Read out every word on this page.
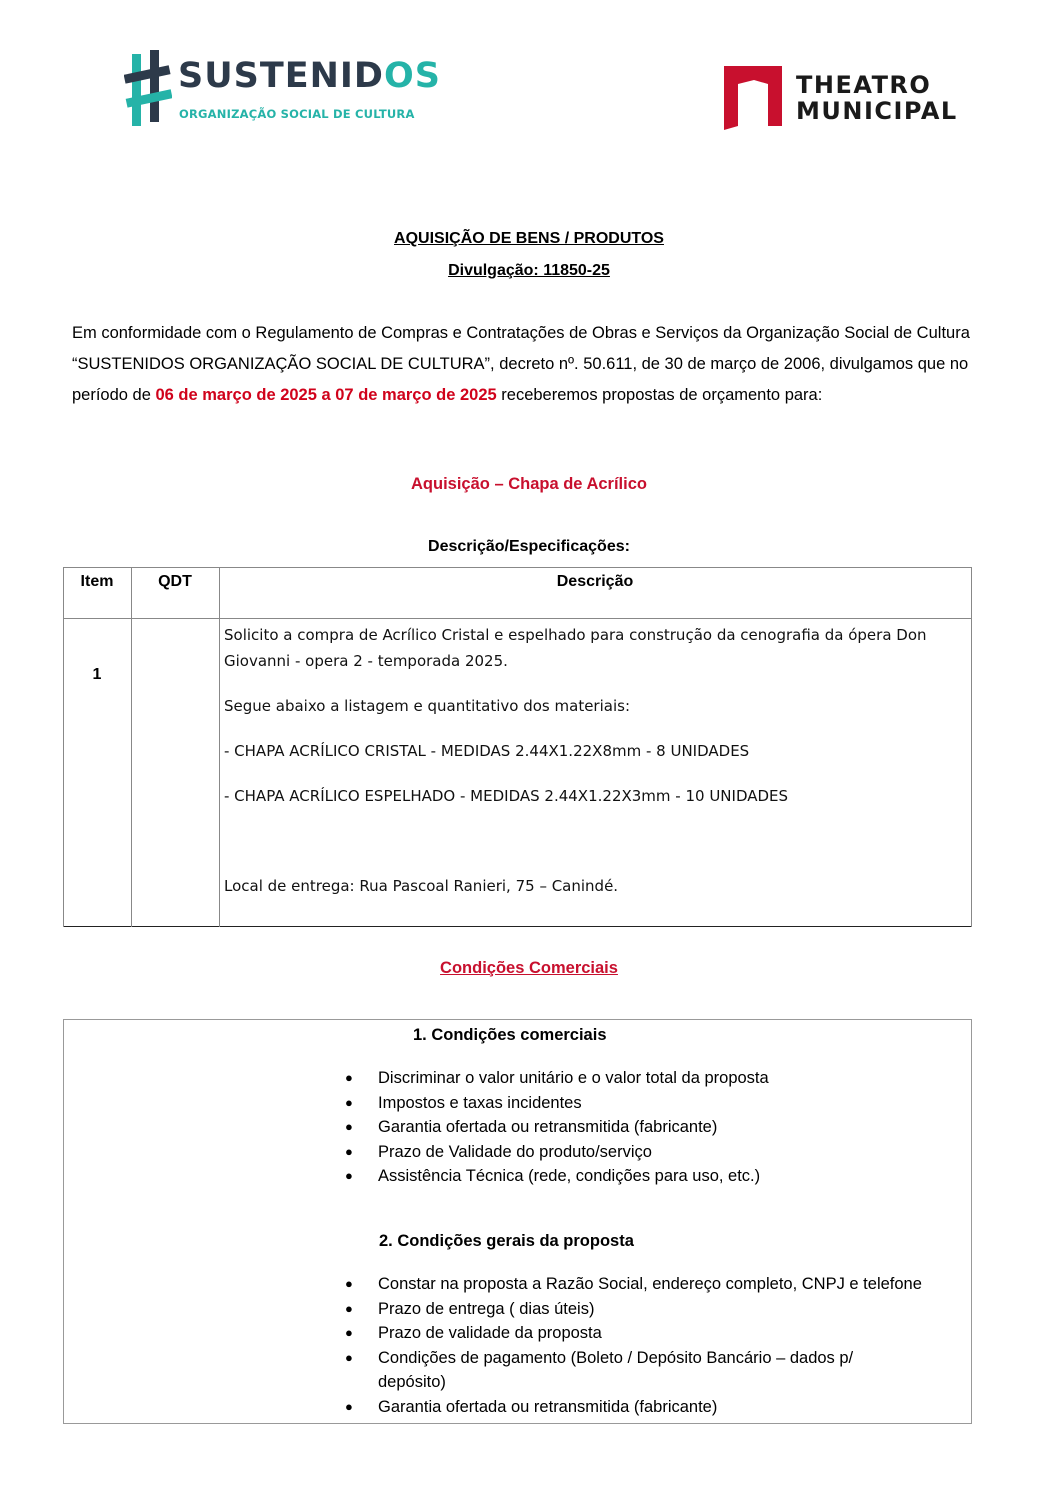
SUSTENIDOS
ORGANIZAÇÃO SOCIAL DE CULTURA
THEATRO
MUNICIPAL
AQUISIÇÃO DE BENS / PRODUTOS
Divulgação: 11850-25
Em conformidade com o Regulamento de Compras e Contratações de Obras e Serviços da Organização Social de Cultura “SUSTENIDOS ORGANIZAÇÃO SOCIAL DE CULTURA”, decreto nº. 50.611, de 30 de março de 2006, divulgamos que no período de 06 de março de 2025 a 07 de março de 2025 receberemos propostas de orçamento para:
Aquisição – Chapa de Acrílico
Descrição/Especificações:
Item	QDT	Descrição
1

Solicito a compra de Acrílico Cristal e espelhado para construção da cenografia da ópera Don Giovanni - opera 2 - temporada 2025.

Segue abaixo a listagem e quantitativo dos materiais:

- CHAPA ACRÍLICO CRISTAL - MEDIDAS 2.44X1.22X8mm - 8 UNIDADES

- CHAPA ACRÍLICO ESPELHADO - MEDIDAS 2.44X1.22X3mm - 10 UNIDADES

Local de entrega: Rua Pascoal Ranieri, 75 – Canindé.

Condições Comerciais
1. Condições comerciais
● Discriminar o valor unitário e o valor total da proposta
● Impostos e taxas incidentes
● Garantia ofertada ou retransmitida (fabricante)
● Prazo de Validade do produto/serviço
● Assistência Técnica (rede, condições para uso, etc.)
2. Condições gerais da proposta
● Constar na proposta a Razão Social, endereço completo, CNPJ e telefone
● Prazo de entrega ( dias úteis)
● Prazo de validade da proposta
● Condições de pagamento (Boleto / Depósito Bancário – dados p/ depósito)
● Garantia ofertada ou retransmitida (fabricante)
